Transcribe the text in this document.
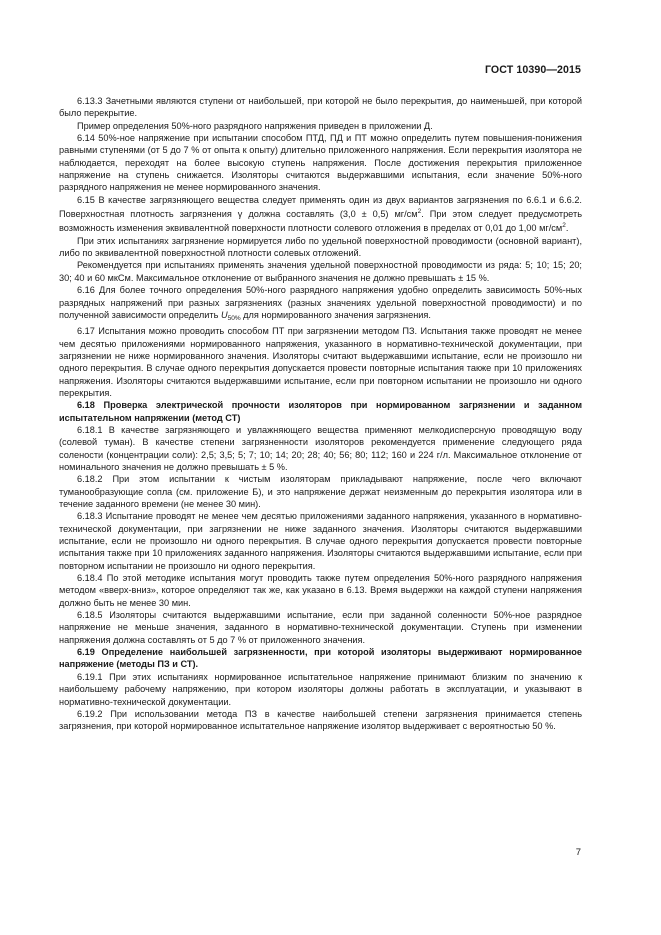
ГОСТ 10390—2015

6.13.3 Зачетными являются ступени от наибольшей, при которой не было перекрытия, до наименьшей, при которой было перекрытие.

Пример определения 50%-ного разрядного напряжения приведен в приложении Д.

6.14 50%-ное напряжение при испытании способом ПТД, ПД и ПТ можно определить путем повышения-понижения равными ступенями (от 5 до 7 % от опыта к опыту) длительно приложенного напряжения. Если перекрытия изолятора не наблюдается, переходят на более высокую ступень напряжения. После достижения перекрытия приложенное напряжение на ступень снижается. Изоляторы считаются выдержавшими испытания, если значение 50%-ного разрядного напряжения не менее нормированного значения.

6.15 В качестве загрязняющего вещества следует применять один из двух вариантов загрязнения по 6.6.1 и 6.6.2. Поверхностная плотность загрязнения γ должна составлять (3,0 ± 0,5) $мг/см^2$. При этом следует предусмотреть возможность изменения эквивалентной поверхности плотности солевого отложения в пределах от 0,01 до 1,00 $мг/см^2$.

При этих испытаниях загрязнение нормируется либо по удельной поверхностной проводимости (основной вариант), либо по эквивалентной поверхностной плотности солевых отложений.

Рекомендуется при испытаниях применять значения удельной поверхностной проводимости из ряда: 5; 10; 15; 20; 30; 40 и 60 мкСм. Максимальное отклонение от выбранного значения не должно превышать ± 15 %.

6.16 Для более точного определения 50%-ного разрядного напряжения удобно определить зависимость 50%-ных разрядных напряжений при разных загрязнениях (разных значениях удельной поверхностной проводимости) и по полученной зависимости определить $U_{50\%}$ для нормированного значения загрязнения.

6.17 Испытания можно проводить способом ПТ при загрязнении методом ПЗ. Испытания также проводят не менее чем десятью приложениями нормированного напряжения, указанного в нормативно-технической документации, при загрязнении не ниже нормированного значения. Изоляторы считают выдержавшими испытание, если не произошло ни одного перекрытия. В случае одного перекрытия допускается провести повторные испытания также при 10 приложениях напряжения. Изоляторы считаются выдержавшими испытание, если при повторном испытании не произошло ни одного перекрытия.

6.18 Проверка электрической прочности изоляторов при нормированном загрязнении и заданном испытательном напряжении (метод СТ)

6.18.1 В качестве загрязняющего и увлажняющего вещества применяют мелкодисперсную проводящую воду (солевой туман). В качестве степени загрязненности изоляторов рекомендуется применение следующего ряда солености (концентрации соли): 2,5; 3,5; 5; 7; 10; 14; 20; 28; 40; 56; 80; 112; 160 и 224 г/л. Максимальное отклонение от номинального значения не должно превышать ± 5 %.

6.18.2 При этом испытании к чистым изоляторам прикладывают напряжение, после чего включают туманообразующие сопла (см. приложение Б), и это напряжение держат неизменным до перекрытия изолятора или в течение заданного времени (не менее 30 мин).

6.18.3 Испытание проводят не менее чем десятью приложениями заданного напряжения, указанного в нормативно-технической документации, при загрязнении не ниже заданного значения. Изоляторы считаются выдержавшими испытание, если не произошло ни одного перекрытия. В случае одного перекрытия допускается провести повторные испытания также при 10 приложениях заданного напряжения. Изоляторы считаются выдержавшими испытание, если при повторном испытании не произошло ни одного перекрытия.

6.18.4 По этой методике испытания могут проводить также путем определения 50%-ного разрядного напряжения методом «вверх-вниз», которое определяют так же, как указано в 6.13. Время выдержки на каждой ступени напряжения должно быть не менее 30 мин.

6.18.5 Изоляторы считаются выдержавшими испытание, если при заданной соленности 50%-ное разрядное напряжение не меньше значения, заданного в нормативно-технической документации. Ступень при изменении напряжения должна составлять от 5 до 7 % от приложенного значения.

6.19 Определение наибольшей загрязненности, при которой изоляторы выдерживают нормированное напряжение (методы ПЗ и СТ).

6.19.1 При этих испытаниях нормированное испытательное напряжение принимают близким по значению к наибольшему рабочему напряжению, при котором изоляторы должны работать в эксплуатации, и указывают в нормативно-технической документации.

6.19.2 При использовании метода ПЗ в качестве наибольшей степени загрязнения принимается степень загрязнения, при которой нормированное испытательное напряжение изолятор выдерживает с вероятностью 50 %.

7
